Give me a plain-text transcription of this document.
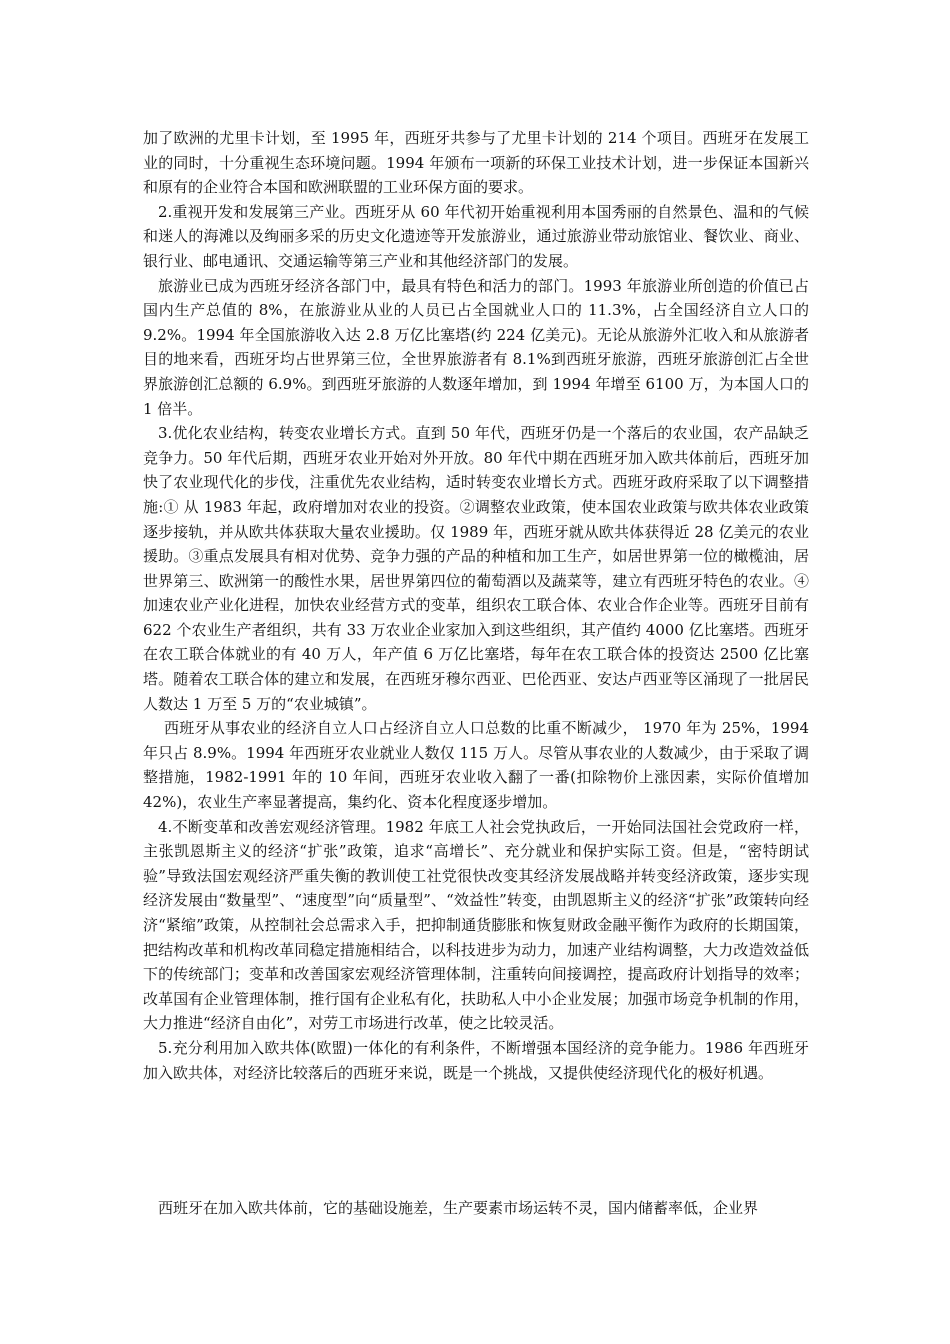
加了欧洲的尤里卡计划，至 1995 年，西班牙共参与了尤里卡计划的 214 个项目。西班牙在发展工业的同时，十分重视生态环境问题。1994 年颁布一项新的环保工业技术计划，进一步保证本国新兴和原有的企业符合本国和欧洲联盟的工业环保方面的要求。

2.重视开发和发展第三产业。西班牙从 60 年代初开始重视利用本国秀丽的自然景色、温和的气候和迷人的海滩以及绚丽多采的历史文化遗迹等开发旅游业，通过旅游业带动旅馆业、餐饮业、商业、银行业、邮电通讯、交通运输等第三产业和其他经济部门的发展。

旅游业已成为西班牙经济各部门中，最具有特色和活力的部门。1993 年旅游业所创造的价值已占国内生产总值的 8%，在旅游业从业的人员已占全国就业人口的 11.3%，占全国经济自立人口的 9.2%。1994 年全国旅游收入达 2.8 万亿比塞塔(约 224 亿美元)。无论从旅游外汇收入和从旅游者目的地来看，西班牙均占世界第三位，全世界旅游者有 8.1%到西班牙旅游，西班牙旅游创汇占全世界旅游创汇总额的 6.9%。到西班牙旅游的人数逐年增加，到 1994 年增至 6100 万，为本国人口的 1 倍半。

3.优化农业结构，转变农业增长方式。直到 50 年代，西班牙仍是一个落后的农业国，农产品缺乏竞争力。50 年代后期，西班牙农业开始对外开放。80 年代中期在西班牙加入欧共体前后，西班牙加快了农业现代化的步伐，注重优先农业结构，适时转变农业增长方式。西班牙政府采取了以下调整措施:① 从 1983 年起，政府增加对农业的投资。②调整农业政策，使本国农业政策与欧共体农业政策逐步接轨，并从欧共体获取大量农业援助。仅 1989 年，西班牙就从欧共体获得近 28 亿美元的农业援助。③重点发展具有相对优势、竞争力强的产品的种植和加工生产，如居世界第一位的橄榄油，居世界第三、欧洲第一的酸性水果，居世界第四位的葡萄酒以及蔬菜等，建立有西班牙特色的农业。④加速农业产业化进程，加快农业经营方式的变革，组织农工联合体、农业合作企业等。西班牙目前有 622 个农业生产者组织，共有 33 万农业企业家加入到这些组织，其产值约 4000 亿比塞塔。西班牙在农工联合体就业的有 40 万人，年产值 6 万亿比塞塔，每年在农工联合体的投资达 2500 亿比塞塔。随着农工联合体的建立和发展，在西班牙穆尔西亚、巴伦西亚、安达卢西亚等区涌现了一批居民人数达 1 万至 5 万的“农业城镇”。

西班牙从事农业的经济自立人口占经济自立人口总数的比重不断减少， 1970 年为 25%，1994 年只占 8.9%。1994 年西班牙农业就业人数仅 115 万人。尽管从事农业的人数减少，由于采取了调整措施，1982-1991 年的 10 年间，西班牙农业收入翻了一番(扣除物价上涨因素，实际价值增加 42%)，农业生产率显著提高，集约化、资本化程度逐步增加。

4.不断变革和改善宏观经济管理。1982 年底工人社会党执政后，一开始同法国社会党政府一样，主张凯恩斯主义的经济“扩张”政策，追求“高增长”、充分就业和保护实际工资。但是，“密特朗试验”导致法国宏观经济严重失衡的教训使工社党很快改变其经济发展战略并转变经济政策，逐步实现经济发展由“数量型”、“速度型”向“质量型”、“效益性”转变，由凯恩斯主义的经济“扩张”政策转向经济“紧缩”政策，从控制社会总需求入手，把抑制通货膨胀和恢复财政金融平衡作为政府的长期国策，把结构改革和机构改革同稳定措施相结合，以科技进步为动力，加速产业结构调整，大力改造效益低下的传统部门；变革和改善国家宏观经济管理体制，注重转向间接调控，提高政府计划指导的效率；改革国有企业管理体制，推行国有企业私有化，扶助私人中小企业发展；加强市场竞争机制的作用，大力推进“经济自由化”，对劳工市场进行改革，使之比较灵活。

5.充分利用加入欧共体(欧盟)一体化的有利条件，不断增强本国经济的竞争能力。1986 年西班牙加入欧共体，对经济比较落后的西班牙来说，既是一个挑战，又提供使经济现代化的极好机遇。

西班牙在加入欧共体前，它的基础设施差，生产要素市场运转不灵，国内储蓄率低，企业界
